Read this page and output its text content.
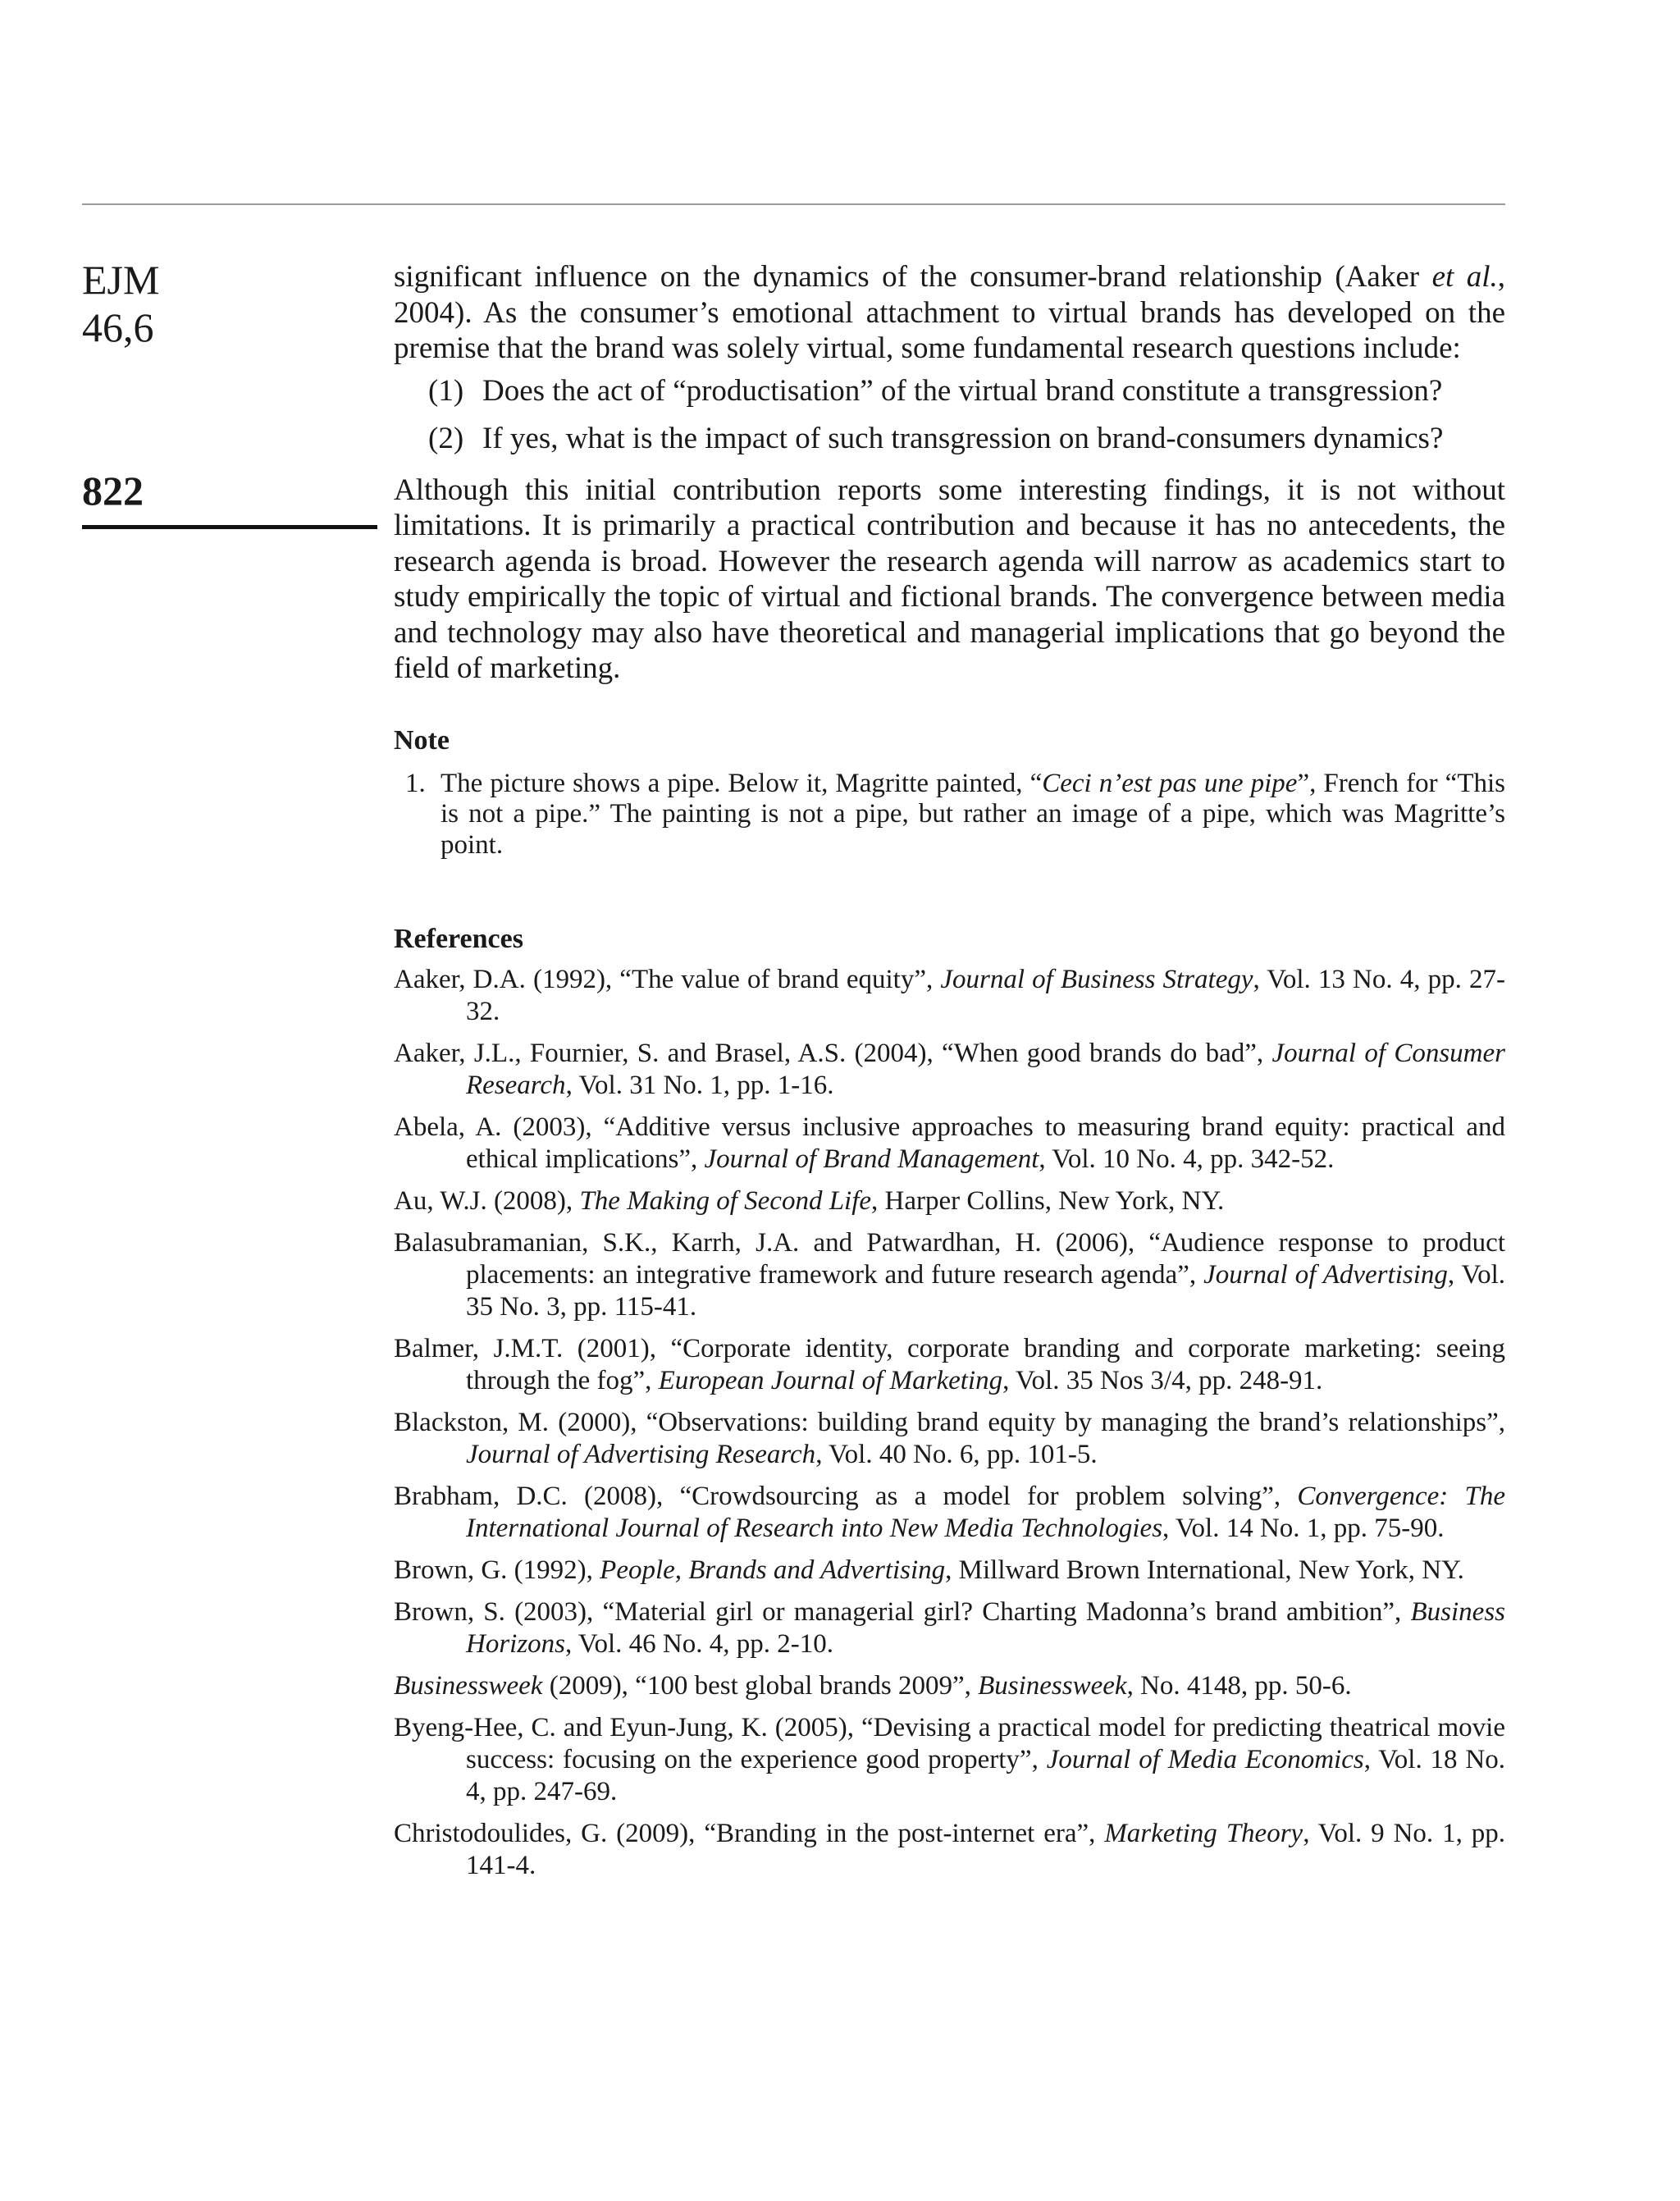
EJM
46,6
822

significant influence on the dynamics of the consumer-brand relationship (Aaker et al., 2004). As the consumer’s emotional attachment to virtual brands has developed on the premise that the brand was solely virtual, some fundamental research questions include:

(1) Does the act of “productisation” of the virtual brand constitute a transgression?
(2) If yes, what is the impact of such transgression on brand-consumers dynamics?

Although this initial contribution reports some interesting findings, it is not without limitations. It is primarily a practical contribution and because it has no antecedents, the research agenda is broad. However the research agenda will narrow as academics start to study empirically the topic of virtual and fictional brands. The convergence between media and technology may also have theoretical and managerial implications that go beyond the field of marketing.

Note
1. The picture shows a pipe. Below it, Magritte painted, “Ceci n’est pas une pipe”, French for “This is not a pipe.” The painting is not a pipe, but rather an image of a pipe, which was Magritte’s point.
References
Aaker, D.A. (1992), “The value of brand equity”, Journal of Business Strategy, Vol. 13 No. 4, pp. 27-32.
Aaker, J.L., Fournier, S. and Brasel, A.S. (2004), “When good brands do bad”, Journal of Consumer Research, Vol. 31 No. 1, pp. 1-16.
Abela, A. (2003), “Additive versus inclusive approaches to measuring brand equity: practical and ethical implications”, Journal of Brand Management, Vol. 10 No. 4, pp. 342-52.
Au, W.J. (2008), The Making of Second Life, Harper Collins, New York, NY.
Balasubramanian, S.K., Karrh, J.A. and Patwardhan, H. (2006), “Audience response to product placements: an integrative framework and future research agenda”, Journal of Advertising, Vol. 35 No. 3, pp. 115-41.
Balmer, J.M.T. (2001), “Corporate identity, corporate branding and corporate marketing: seeing through the fog”, European Journal of Marketing, Vol. 35 Nos 3/4, pp. 248-91.
Blackston, M. (2000), “Observations: building brand equity by managing the brand’s relationships”, Journal of Advertising Research, Vol. 40 No. 6, pp. 101-5.
Brabham, D.C. (2008), “Crowdsourcing as a model for problem solving”, Convergence: The International Journal of Research into New Media Technologies, Vol. 14 No. 1, pp. 75-90.
Brown, G. (1992), People, Brands and Advertising, Millward Brown International, New York, NY.
Brown, S. (2003), “Material girl or managerial girl? Charting Madonna’s brand ambition”, Business Horizons, Vol. 46 No. 4, pp. 2-10.
Businessweek (2009), “100 best global brands 2009”, Businessweek, No. 4148, pp. 50-6.
Byeng-Hee, C. and Eyun-Jung, K. (2005), “Devising a practical model for predicting theatrical movie success: focusing on the experience good property”, Journal of Media Economics, Vol. 18 No. 4, pp. 247-69.
Christodoulides, G. (2009), “Branding in the post-internet era”, Marketing Theory, Vol. 9 No. 1, pp. 141-4.
